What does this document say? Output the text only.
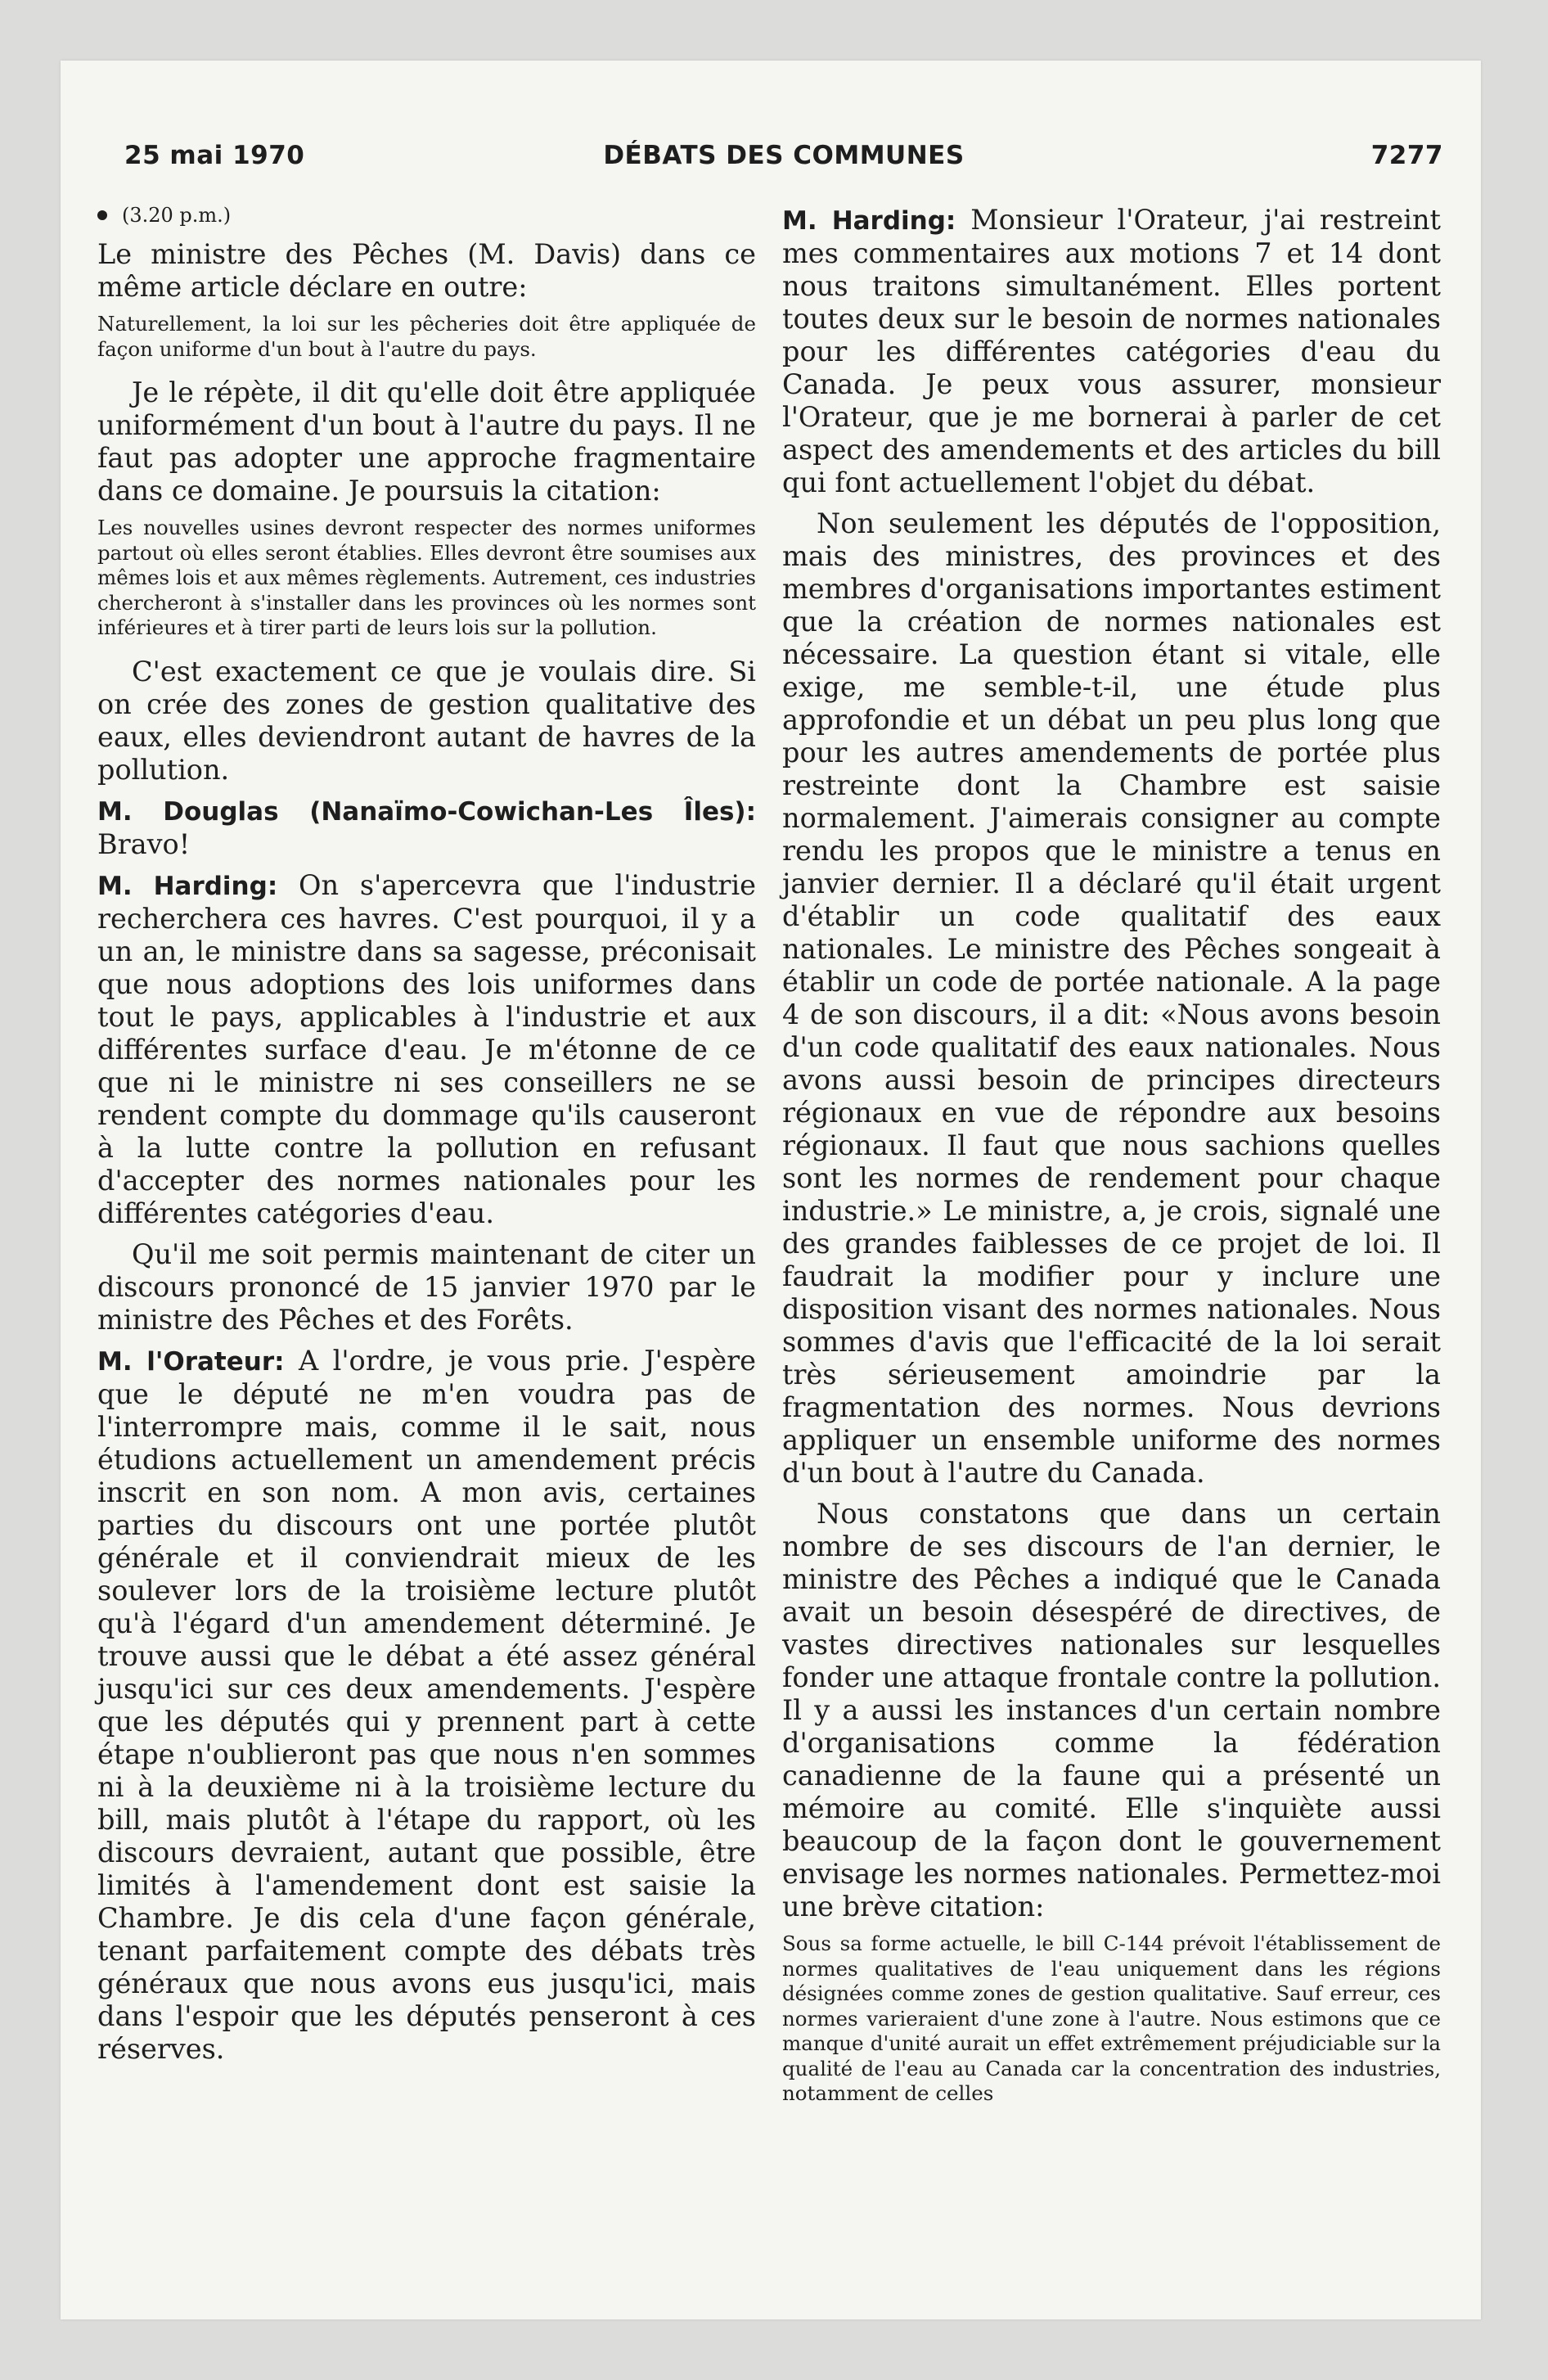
25 mai 1970	DÉBATS DES COMMUNES	7277
(3.20 p.m.)

Le ministre des Pêches (M. Davis) dans ce même article déclare en outre:

Naturellement, la loi sur les pêcheries doit être appliquée de façon uniforme d'un bout à l'autre du pays.

Je le répète, il dit qu'elle doit être appliquée uniformément d'un bout à l'autre du pays. Il ne faut pas adopter une approche fragmentaire dans ce domaine. Je poursuis la citation:

Les nouvelles usines devront respecter des normes uniformes partout où elles seront établies. Elles devront être soumises aux mêmes lois et aux mêmes règlements. Autrement, ces industries chercheront à s'installer dans les provinces où les normes sont inférieures et à tirer parti de leurs lois sur la pollution.

C'est exactement ce que je voulais dire. Si on crée des zones de gestion qualitative des eaux, elles deviendront autant de havres de la pollution.

M. Douglas (Nanaïmo-Cowichan-Les Îles): Bravo!

M. Harding: On s'apercevra que l'industrie recherchera ces havres. C'est pourquoi, il y a un an, le ministre dans sa sagesse, préconisait que nous adoptions des lois uniformes dans tout le pays, applicables à l'industrie et aux différentes surface d'eau. Je m'étonne de ce que ni le ministre ni ses conseillers ne se rendent compte du dommage qu'ils causeront à la lutte contre la pollution en refusant d'accepter des normes nationales pour les différentes catégories d'eau.

Qu'il me soit permis maintenant de citer un discours prononcé de 15 janvier 1970 par le ministre des Pêches et des Forêts.

M. l'Orateur: A l'ordre, je vous prie. J'espère que le député ne m'en voudra pas de l'interrompre mais, comme il le sait, nous étudions actuellement un amendement précis inscrit en son nom. A mon avis, certaines parties du discours ont une portée plutôt générale et il conviendrait mieux de les soulever lors de la troisième lecture plutôt qu'à l'égard d'un amendement déterminé. Je trouve aussi que le débat a été assez général jusqu'ici sur ces deux amendements. J'espère que les députés qui y prennent part à cette étape n'oublieront pas que nous n'en sommes ni à la deuxième ni à la troisième lecture du bill, mais plutôt à l'étape du rapport, où les discours devraient, autant que possible, être limités à l'amendement dont est saisie la Chambre. Je dis cela d'une façon générale, tenant parfaitement compte des débats très généraux que nous avons eus jusqu'ici, mais dans l'espoir que les députés penseront à ces réserves.

M. Harding: Monsieur l'Orateur, j'ai restreint mes commentaires aux motions 7 et 14 dont nous traitons simultanément. Elles portent toutes deux sur le besoin de normes nationales pour les différentes catégories d'eau du Canada. Je peux vous assurer, monsieur l'Orateur, que je me bornerai à parler de cet aspect des amendements et des articles du bill qui font actuellement l'objet du débat.

Non seulement les députés de l'opposition, mais des ministres, des provinces et des membres d'organisations importantes estiment que la création de normes nationales est nécessaire. La question étant si vitale, elle exige, me semble-t-il, une étude plus approfondie et un débat un peu plus long que pour les autres amendements de portée plus restreinte dont la Chambre est saisie normalement. J'aimerais consigner au compte rendu les propos que le ministre a tenus en janvier dernier. Il a déclaré qu'il était urgent d'établir un code qualitatif des eaux nationales. Le ministre des Pêches songeait à établir un code de portée nationale. A la page 4 de son discours, il a dit: «Nous avons besoin d'un code qualitatif des eaux nationales. Nous avons aussi besoin de principes directeurs régionaux en vue de répondre aux besoins régionaux. Il faut que nous sachions quelles sont les normes de rendement pour chaque industrie.» Le ministre, a, je crois, signalé une des grandes faiblesses de ce projet de loi. Il faudrait la modifier pour y inclure une disposition visant des normes nationales. Nous sommes d'avis que l'efficacité de la loi serait très sérieusement amoindrie par la fragmentation des normes. Nous devrions appliquer un ensemble uniforme des normes d'un bout à l'autre du Canada.

Nous constatons que dans un certain nombre de ses discours de l'an dernier, le ministre des Pêches a indiqué que le Canada avait un besoin désespéré de directives, de vastes directives nationales sur lesquelles fonder une attaque frontale contre la pollution. Il y a aussi les instances d'un certain nombre d'organisations comme la fédération canadienne de la faune qui a présenté un mémoire au comité. Elle s'inquiète aussi beaucoup de la façon dont le gouvernement envisage les normes nationales. Permettez-moi une brève citation:

Sous sa forme actuelle, le bill C-144 prévoit l'établissement de normes qualitatives de l'eau uniquement dans les régions désignées comme zones de gestion qualitative. Sauf erreur, ces normes varieraient d'une zone à l'autre. Nous estimons que ce manque d'unité aurait un effet extrêmement préjudiciable sur la qualité de l'eau au Canada car la concentration des industries, notamment de celles
